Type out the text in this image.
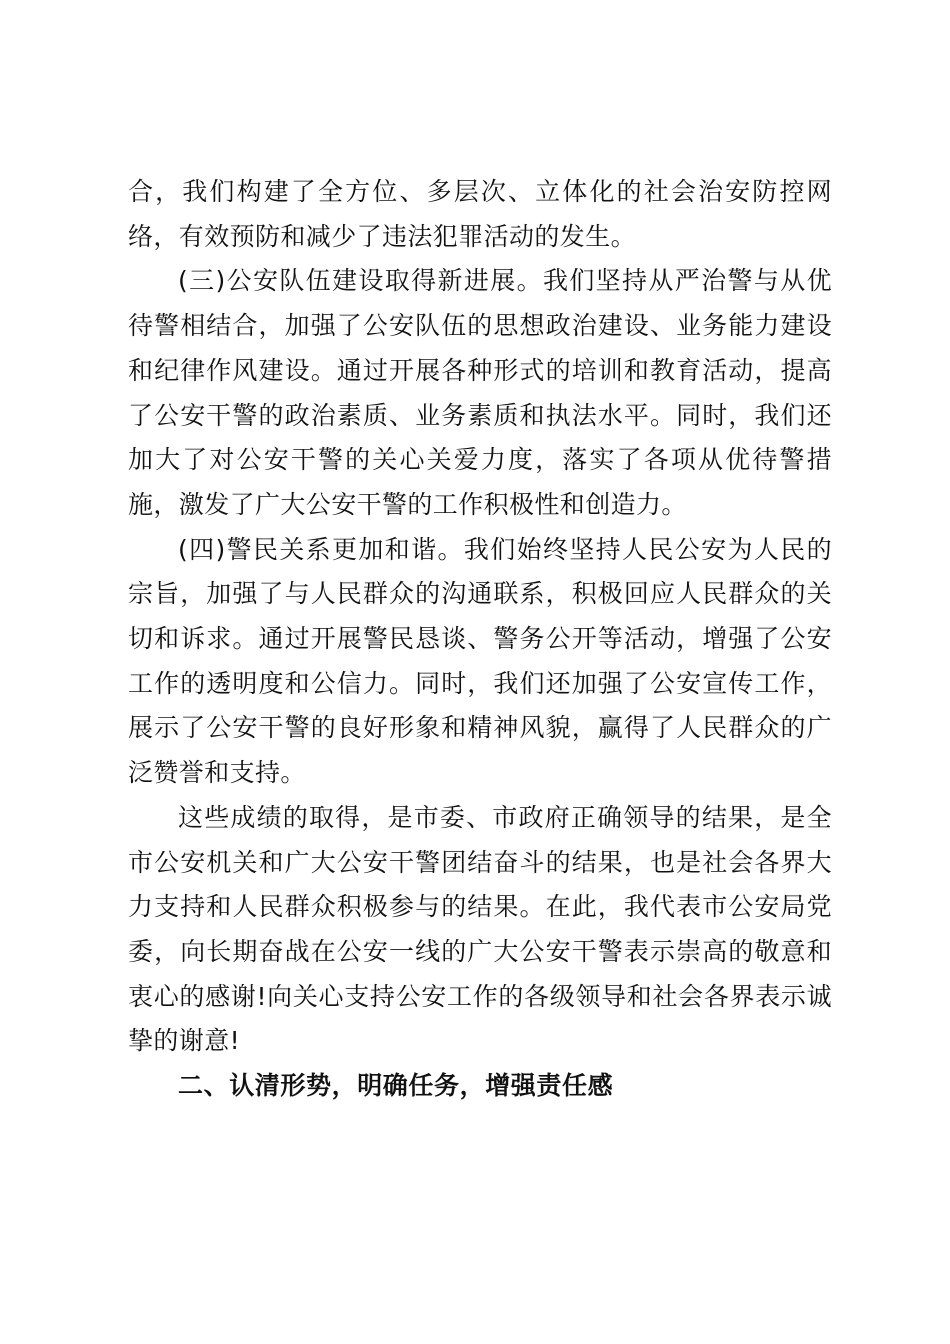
合，我们构建了全方位、多层次、立体化的社会治安防控网络，有效预防和减少了违法犯罪活动的发生。

(三)公安队伍建设取得新进展。我们坚持从严治警与从优待警相结合，加强了公安队伍的思想政治建设、业务能力建设和纪律作风建设。通过开展各种形式的培训和教育活动，提高了公安干警的政治素质、业务素质和执法水平。同时，我们还加大了对公安干警的关心关爱力度，落实了各项从优待警措施，激发了广大公安干警的工作积极性和创造力。

(四)警民关系更加和谐。我们始终坚持人民公安为人民的宗旨，加强了与人民群众的沟通联系，积极回应人民群众的关切和诉求。通过开展警民恳谈、警务公开等活动，增强了公安工作的透明度和公信力。同时，我们还加强了公安宣传工作，展示了公安干警的良好形象和精神风貌，赢得了人民群众的广泛赞誉和支持。

这些成绩的取得，是市委、市政府正确领导的结果，是全市公安机关和广大公安干警团结奋斗的结果，也是社会各界大力支持和人民群众积极参与的结果。在此，我代表市公安局党委，向长期奋战在公安一线的广大公安干警表示崇高的敬意和衷心的感谢!向关心支持公安工作的各级领导和社会各界表示诚挚的谢意!

二、认清形势，明确任务，增强责任感
